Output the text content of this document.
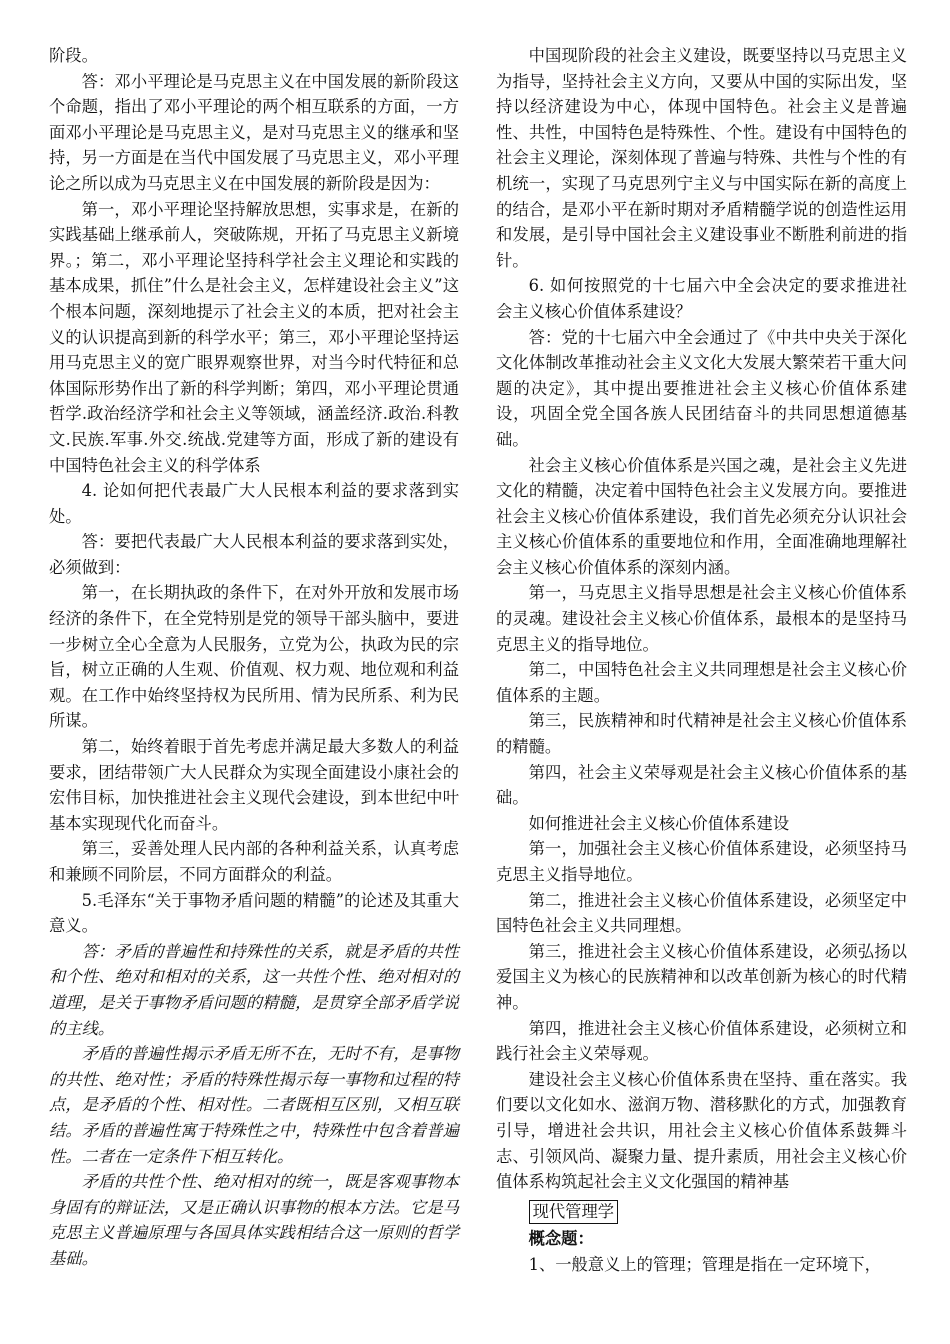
阶段。

答：邓小平理论是马克思主义在中国发展的新阶段这个命题，指出了邓小平理论的两个相互联系的方面，一方面邓小平理论是马克思主义，是对马克思主义的继承和坚持，另一方面是在当代中国发展了马克思主义，邓小平理论之所以成为马克思主义在中国发展的新阶段是因为：

第一，邓小平理论坚持解放思想，实事求是，在新的实践基础上继承前人，突破陈规，开拓了马克思主义新境界。；第二，邓小平理论坚持科学社会主义理论和实践的基本成果，抓住”什么是社会主义，怎样建设社会主义”这个根本问题，深刻地提示了社会主义的本质，把对社会主义的认识提高到新的科学水平；第三，邓小平理论坚持运用马克思主义的宽广眼界观察世界，对当今时代特征和总体国际形势作出了新的科学判断；第四，邓小平理论贯通哲学.政治经济学和社会主义等领域，涵盖经济.政治.科教文.民族.军事.外交.统战.党建等方面，形成了新的建设有中国特色社会主义的科学体系

4. 论如何把代表最广大人民根本利益的要求落到实处。

答：要把代表最广大人民根本利益的要求落到实处，必须做到：

第一，在长期执政的条件下，在对外开放和发展市场经济的条件下，在全党特别是党的领导干部头脑中，要进一步树立全心全意为人民服务，立党为公，执政为民的宗旨，树立正确的人生观、价值观、权力观、地位观和利益观。在工作中始终坚持权为民所用、情为民所系、利为民所谋。

第二，始终着眼于首先考虑并满足最大多数人的利益要求，团结带领广大人民群众为实现全面建设小康社会的宏伟目标，加快推进社会主义现代会建设，到本世纪中叶基本实现现代化而奋斗。

第三，妥善处理人民内部的各种利益关系，认真考虑和兼顾不同阶层，不同方面群众的利益。

5.毛泽东“关于事物矛盾问题的精髓”的论述及其重大意义。

答：矛盾的普遍性和持殊性的关系，就是矛盾的共性和个性、绝对和相对的关系，这一共性个性、绝对相对的道理，是关于事物矛盾问题的精髓，是贯穿全部矛盾学说的主线。

矛盾的普遍性揭示矛盾无所不在，无时不有，是事物的共性、绝对性；矛盾的特殊性揭示每一事物和过程的特点，是矛盾的个性、相对性。二者既相互区别，又相互联结。矛盾的普遍性寓于特殊性之中，特殊性中包含着普遍性。二者在一定条件下相互转化。

矛盾的共性个性、绝对相对的统一，既是客观事物本身固有的辩证法，又是正确认识事物的根本方法。它是马克思主义普遍原理与各国具体实践相结合这一原则的哲学基础。

中国现阶段的社会主义建设，既要坚持以马克思主义为指导，坚持社会主义方向，又要从中国的实际出发，坚持以经济建设为中心，体现中国特色。社会主义是普遍性、共性，中国特色是特殊性、个性。建设有中国特色的社会主义理论，深刻体现了普遍与特殊、共性与个性的有机统一，实现了马克思列宁主义与中国实际在新的高度上的结合，是邓小平在新时期对矛盾精髓学说的创造性运用和发展，是引导中国社会主义建设事业不断胜利前进的指针。

6. 如何按照党的十七届六中全会决定的要求推进社会主义核心价值体系建设？

答：党的十七届六中全会通过了《中共中央关于深化文化体制改革推动社会主义文化大发展大繁荣若干重大问题的决定》，其中提出要推进社会主义核心价值体系建设，巩固全党全国各族人民团结奋斗的共同思想道德基础。

社会主义核心价值体系是兴国之魂，是社会主义先进文化的精髓，决定着中国特色社会主义发展方向。要推进社会主义核心价值体系建设，我们首先必须充分认识社会主义核心价值体系的重要地位和作用，全面准确地理解社会主义核心价值体系的深刻内涵。

第一，马克思主义指导思想是社会主义核心价值体系的灵魂。建设社会主义核心价值体系，最根本的是坚持马克思主义的指导地位。

第二，中国特色社会主义共同理想是社会主义核心价值体系的主题。

第三，民族精神和时代精神是社会主义核心价值体系的精髓。

第四，社会主义荣辱观是社会主义核心价值体系的基础。

如何推进社会主义核心价值体系建设

第一，加强社会主义核心价值体系建设，必须坚持马克思主义指导地位。

第二，推进社会主义核心价值体系建设，必须坚定中国特色社会主义共同理想。

第三，推进社会主义核心价值体系建设，必须弘扬以爱国主义为核心的民族精神和以改革创新为核心的时代精神。

第四，推进社会主义核心价值体系建设，必须树立和践行社会主义荣辱观。

建设社会主义核心价值体系贵在坚持、重在落实。我们要以文化如水、滋润万物、潜移默化的方式，加强教育引导，增进社会共识，用社会主义核心价值体系鼓舞斗志、引领风尚、凝聚力量、提升素质，用社会主义核心价值体系构筑起社会主义文化强国的精神基

现代管理学
概念题：

1、一般意义上的管理；管理是指在一定环境下，
